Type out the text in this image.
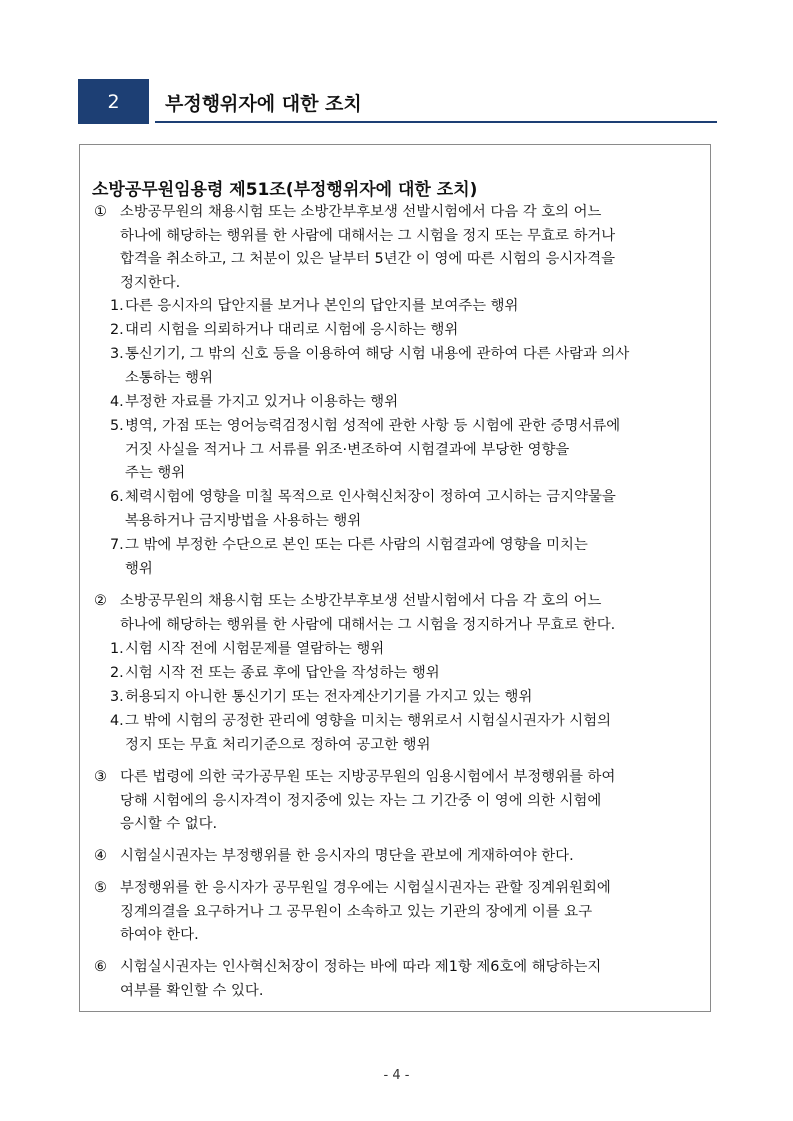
2	부정행위자에 대한 조치
소방공무원임용령 제51조(부정행위자에 대한 조치)
① 소방공무원의 채용시험 또는 소방간부후보생 선발시험에서 다음 각 호의 어느
하나에 해당하는 행위를 한 사람에 대해서는 그 시험을 정지 또는 무효로 하거나
합격을 취소하고, 그 처분이 있은 날부터 5년간 이 영에 따른 시험의 응시자격을
정지한다.
1. 다른 응시자의 답안지를 보거나 본인의 답안지를 보여주는 행위
2. 대리 시험을 의뢰하거나 대리로 시험에 응시하는 행위
3. 통신기기, 그 밖의 신호 등을 이용하여 해당 시험 내용에 관하여 다른 사람과 의사
소통하는 행위
4. 부정한 자료를 가지고 있거나 이용하는 행위
5. 병역, 가점 또는 영어능력검정시험 성적에 관한 사항 등 시험에 관한 증명서류에
거짓 사실을 적거나 그 서류를 위조·변조하여 시험결과에 부당한 영향을
주는 행위
6. 체력시험에 영향을 미칠 목적으로 인사혁신처장이 정하여 고시하는 금지약물을
복용하거나 금지방법을 사용하는 행위
7. 그 밖에 부정한 수단으로 본인 또는 다른 사람의 시험결과에 영향을 미치는
행위
② 소방공무원의 채용시험 또는 소방간부후보생 선발시험에서 다음 각 호의 어느
하나에 해당하는 행위를 한 사람에 대해서는 그 시험을 정지하거나 무효로 한다.
1. 시험 시작 전에 시험문제를 열람하는 행위
2. 시험 시작 전 또는 종료 후에 답안을 작성하는 행위
3. 허용되지 아니한 통신기기 또는 전자계산기기를 가지고 있는 행위
4. 그 밖에 시험의 공정한 관리에 영향을 미치는 행위로서 시험실시권자가 시험의
정지 또는 무효 처리기준으로 정하여 공고한 행위
③ 다른 법령에 의한 국가공무원 또는 지방공무원의 임용시험에서 부정행위를 하여
당해 시험에의 응시자격이 정지중에 있는 자는 그 기간중 이 영에 의한 시험에
응시할 수 없다.
④ 시험실시권자는 부정행위를 한 응시자의 명단을 관보에 게재하여야 한다.
⑤ 부정행위를 한 응시자가 공무원일 경우에는 시험실시권자는 관할 징계위원회에
징계의결을 요구하거나 그 공무원이 소속하고 있는 기관의 장에게 이를 요구
하여야 한다.
⑥ 시험실시권자는 인사혁신처장이 정하는 바에 따라 제1항 제6호에 해당하는지
여부를 확인할 수 있다.
- 4 -
